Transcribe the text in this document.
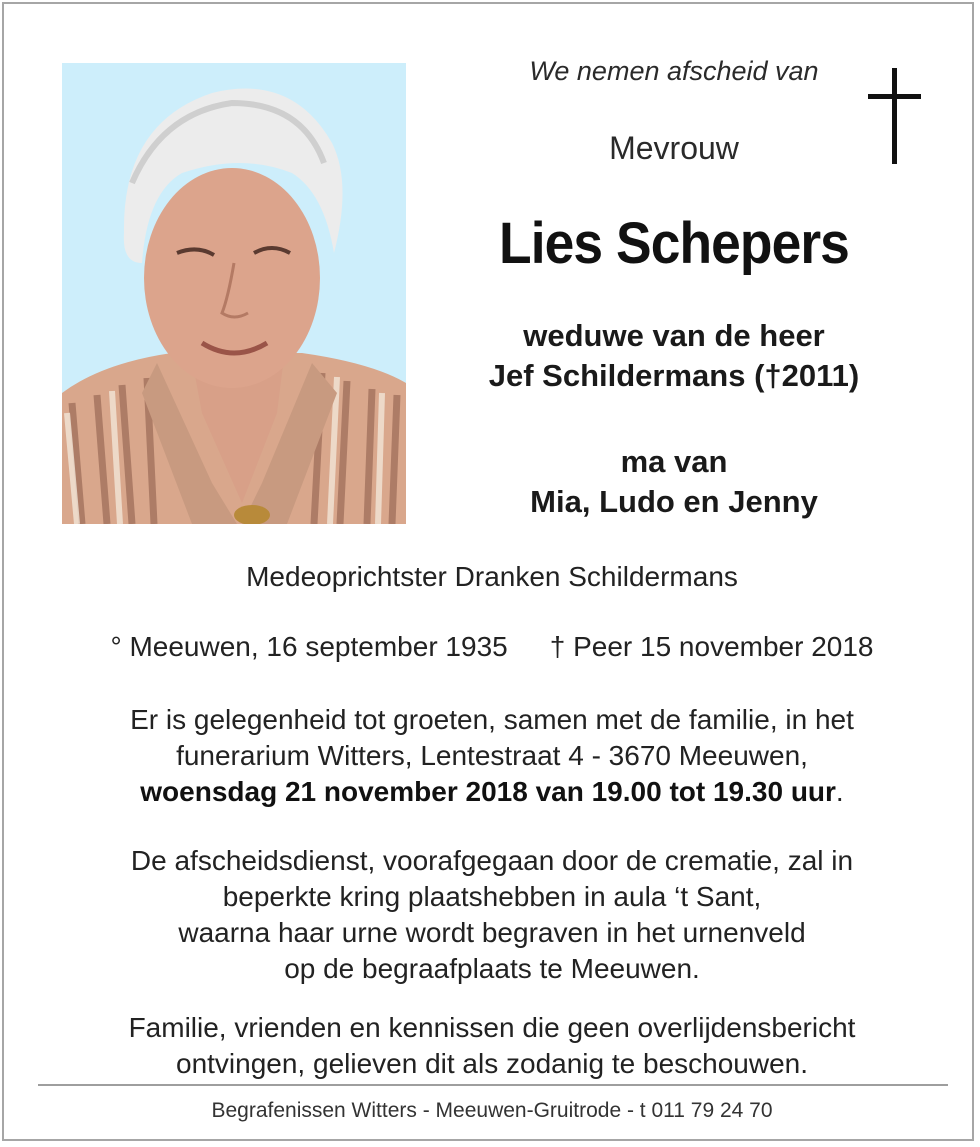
We nemen afscheid van
Mevrouw
Lies Schepers
weduwe van de heer
Jef Schildermans (†2011)
ma van
Mia, Ludo en Jenny
Medeoprichtster Dranken Schildermans
° Meeuwen, 16 september 1935 † Peer 15 november 2018
Er is gelegenheid tot groeten, samen met de familie, in het
funerarium Witters, Lentestraat 4 - 3670 Meeuwen,
woensdag 21 november 2018 van 19.00 tot 19.30 uur.
De afscheidsdienst, voorafgegaan door de crematie, zal in
beperkte kring plaatshebben in aula ‘t Sant,
waarna haar urne wordt begraven in het urnenveld
op de begraafplaats te Meeuwen.
Familie, vrienden en kennissen die geen overlijdensbericht
ontvingen, gelieven dit als zodanig te beschouwen.
Begrafenissen Witters - Meeuwen-Gruitrode - t 011 79 24 70
